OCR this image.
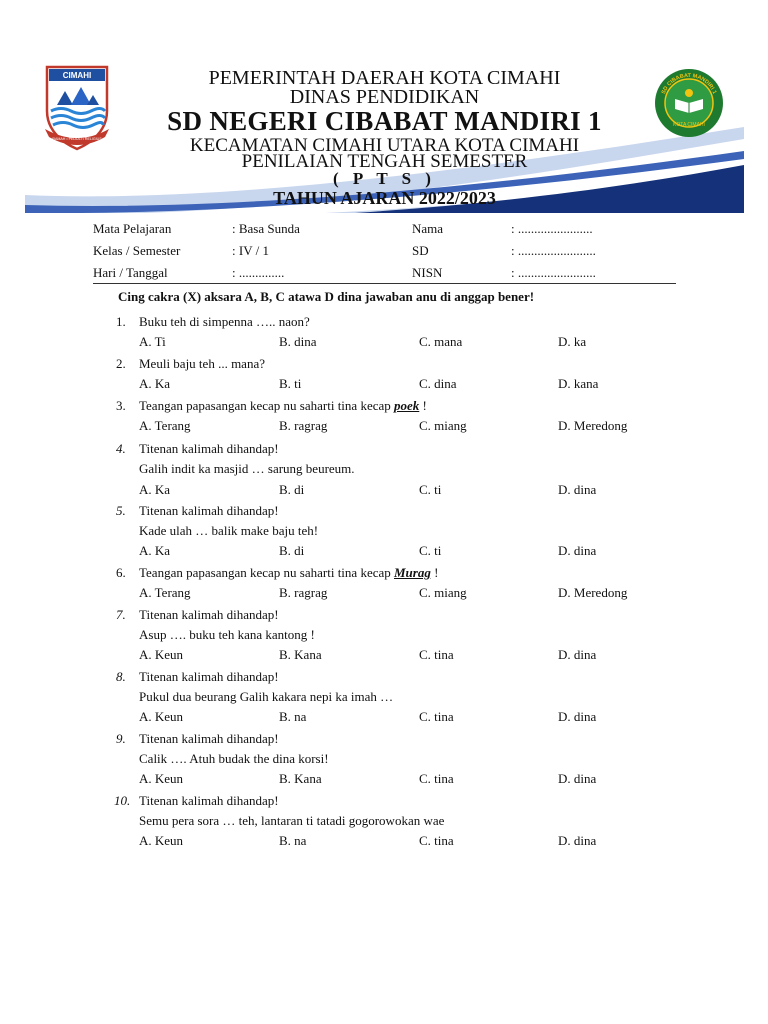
CIMAHI
RAMAH • PEDULI • RELIGIUS
SD CIBABAT MANDIRI 1
KOTA CIMAHI
PEMERINTAH DAERAH KOTA CIMAHI
DINAS PENDIDIKAN
SD NEGERI CIBABAT MANDIRI 1
KECAMATAN CIMAHI UTARA KOTA CIMAHI
PENILAIAN TENGAH SEMESTER
( P T S )
TAHUN AJARAN 2022/2023
Mata Pelajaran	: Basa Sunda	Nama	: .......................
Kelas / Semester	: IV / 1	SD	: ........................
Hari / Tanggal	: ..............	NISN	: ........................
Cing cakra (X) aksara A, B, C atawa D dina jawaban anu di anggap bener!
1.	Buku teh di simpenna ….. naon?
A. Ti	B. dina	C. mana	D. ka
2.	Meuli baju teh ... mana?
A. Ka	B. ti	C. dina	D. kana
3.	Teangan papasangan kecap nu saharti tina kecap poek !
A. Terang	B. ragrag	C. miang	D. Meredong
4.	Titenan kalimah dihandap!
Galih indit ka masjid … sarung beureum.
A. Ka	B. di	C. ti	D. dina
5.	Titenan kalimah dihandap!
Kade ulah … balik make baju teh!
A. Ka	B. di	C. ti	D. dina
6.	Teangan papasangan kecap nu saharti tina kecap Murag !
A. Terang	B. ragrag	C. miang	D. Meredong
7.	Titenan kalimah dihandap!
Asup …. buku teh kana kantong !
A. Keun	B. Kana	C. tina	D. dina
8.	Titenan kalimah dihandap!
Pukul dua beurang Galih kakara nepi ka imah …
A. Keun	B. na	C. tina	D. dina
9.	Titenan kalimah dihandap!
Calik …. Atuh budak the dina korsi!
A. Keun	B. Kana	C. tina	D. dina
10. Titenan kalimah dihandap!
Semu pera sora … teh, lantaran ti tatadi gogorowokan wae
A. Keun	B. na	C. tina	D. dina
